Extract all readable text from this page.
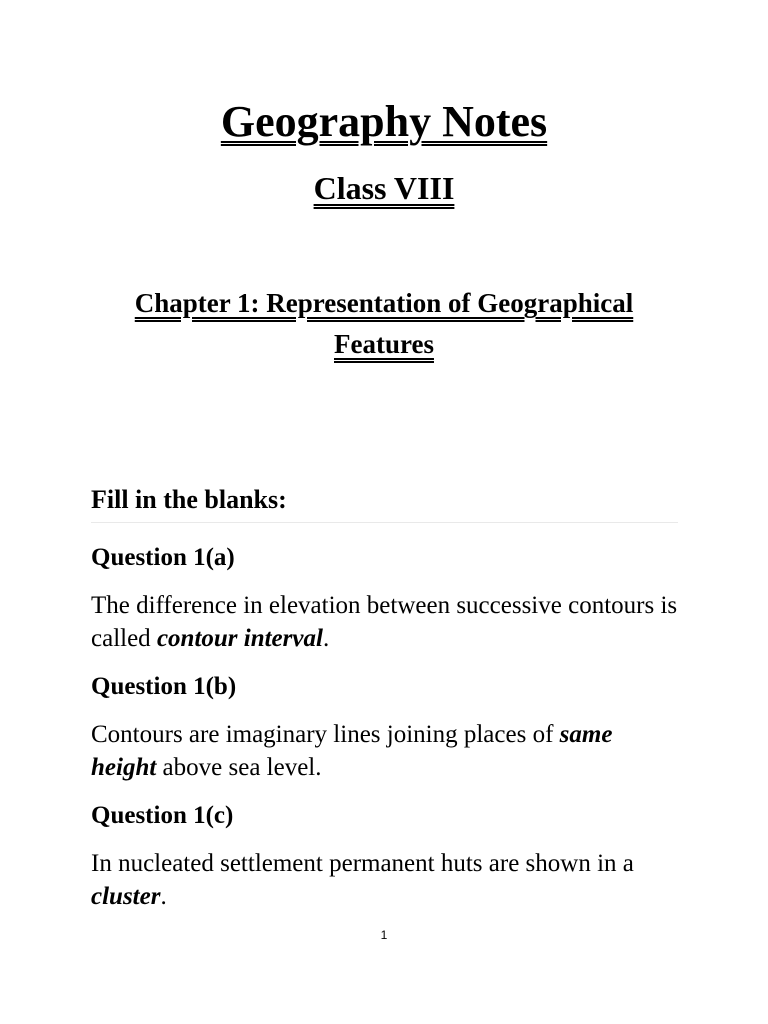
Geography Notes
Class VIII
Chapter 1: Representation of Geographical
Features
Fill in the blanks:
Question 1(a)
The difference in elevation between successive contours is called contour interval.
Question 1(b)
Contours are imaginary lines joining places of same height above sea level.
Question 1(c)
In nucleated settlement permanent huts are shown in a cluster.
1
